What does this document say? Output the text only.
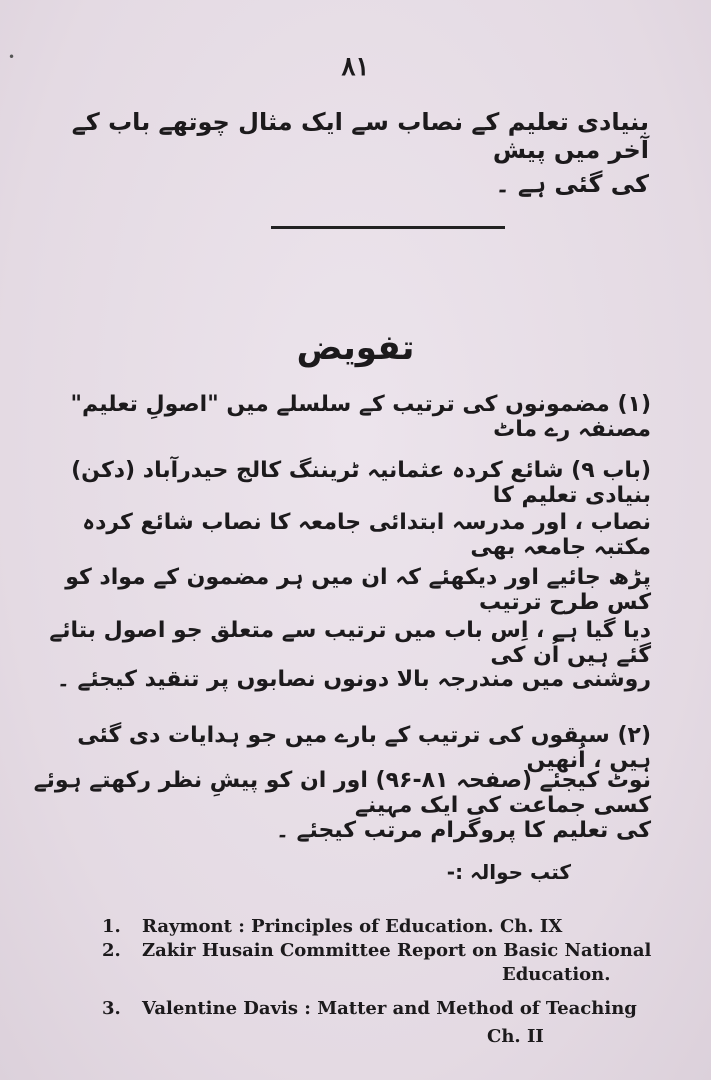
•	٨١
بنیادی تعلیم کے نصاب سے ایک مثال چوتھے باب کے آخر میں پیش
کی گئی ہے ۔
تفویض
(۱) مضمونوں کی ترتیب کے سلسلے میں "اصولِ تعلیم" مصنفہ رے ماٹ
(باب ۹) شائع کردہ عثمانیہ ٹریننگ کالج حیدرآباد (دکن) بنیادی تعلیم کا
نصاب ، اور مدرسہ ابتدائی جامعہ کا نصاب شائع کردہ مکتبہ جامعہ بھی
پڑھ جائیے اور دیکھئے کہ ان میں ہر مضمون کے مواد کو کس طرح ترتیب
دیا گیا ہے ، اِس باب میں ترتیب سے متعلق جو اصول بتائے گئے ہیں اُن کی
روشنی میں مندرجہ بالا دونوں نصابوں پر تنقید کیجئے ۔
(۲) سبقوں کی ترتیب کے بارے میں جو ہدایات دی گئی ہیں ، اُنھیں
نوٹ کیجئے (صفحہ ۸۱-۹۶) اور ان کو پیشِ نظر رکھتے ہوئے کسی جماعت کی ایک مہینے
کی تعلیم کا پروگرام مرتب کیجئے ۔
کتب حوالہ :-
1.	Raymont : Principles of Education. Ch. IX
2.	Zakir Husain Committee Report on Basic National
Education.
3.	Valentine Davis : Matter and Method of Teaching
Ch. II
